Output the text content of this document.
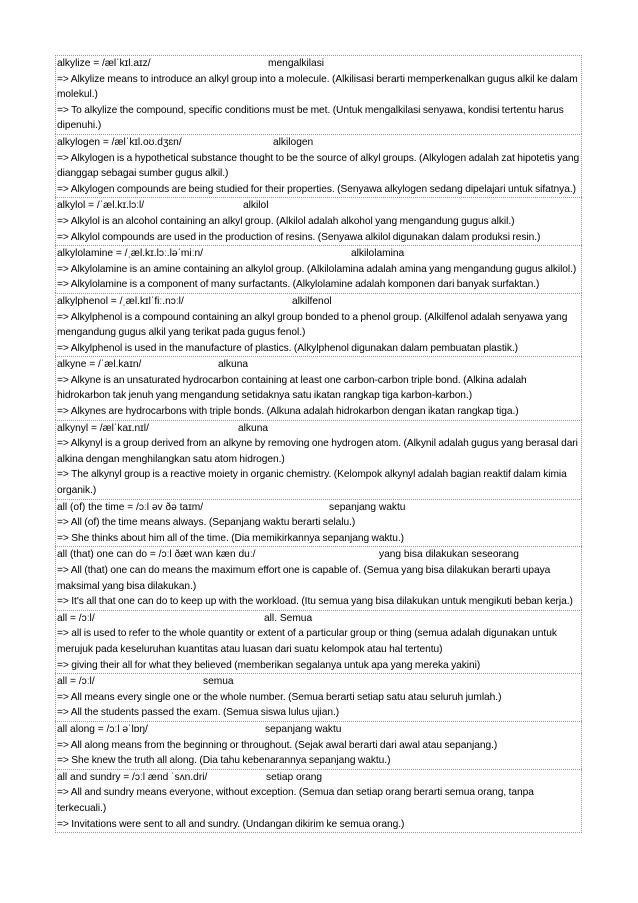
alkylize = /ælˈkɪl.aɪz/	mengalkilasi
=> Alkylize means to introduce an alkyl group into a molecule. (Alkilisasi berarti memperkenalkan gugus alkil ke dalam molekul.)
=> To alkylize the compound, specific conditions must be met. (Untuk mengalkilasi senyawa, kondisi tertentu harus dipenuhi.)
alkylogen = /ælˈkɪl.oʊ.dʒɛn/	alkilogen
=> Alkylogen is a hypothetical substance thought to be the source of alkyl groups. (Alkylogen adalah zat hipotetis yang dianggap sebagai sumber gugus alkil.)
=> Alkylogen compounds are being studied for their properties. (Senyawa alkylogen sedang dipelajari untuk sifatnya.)
alkylol = /ˈæl.kɪ.lɔːl/	alkilol
=> Alkylol is an alcohol containing an alkyl group. (Alkilol adalah alkohol yang mengandung gugus alkil.)
=> Alkylol compounds are used in the production of resins. (Senyawa alkilol digunakan dalam produksi resin.)
alkylolamine = /ˌæl.kɪ.lɔː.ləˈmiːn/	alkilolamina
=> Alkylolamine is an amine containing an alkylol group. (Alkilolamina adalah amina yang mengandung gugus alkilol.)
=> Alkylolamine is a component of many surfactants. (Alkylolamine adalah komponen dari banyak surfaktan.)
alkylphenol = /ˌæl.kɪlˈfiː.nɔːl/	alkilfenol
=> Alkylphenol is a compound containing an alkyl group bonded to a phenol group. (Alkilfenol adalah senyawa yang mengandung gugus alkil yang terikat pada gugus fenol.)
=> Alkylphenol is used in the manufacture of plastics. (Alkylphenol digunakan dalam pembuatan plastik.)
alkyne = /ˈæl.kaɪn/	alkuna
=> Alkyne is an unsaturated hydrocarbon containing at least one carbon-carbon triple bond. (Alkina adalah hidrokarbon tak jenuh yang mengandung setidaknya satu ikatan rangkap tiga karbon-karbon.)
=> Alkynes are hydrocarbons with triple bonds. (Alkuna adalah hidrokarbon dengan ikatan rangkap tiga.)
alkynyl = /ælˈkaɪ.nɪl/	alkuna
=> Alkynyl is a group derived from an alkyne by removing one hydrogen atom. (Alkynil adalah gugus yang berasal dari alkina dengan menghilangkan satu atom hidrogen.)
=> The alkynyl group is a reactive moiety in organic chemistry. (Kelompok alkynyl adalah bagian reaktif dalam kimia organik.)
all (of) the time = /ɔːl əv ðə taɪm/	sepanjang waktu
=> All (of) the time means always. (Sepanjang waktu berarti selalu.)
=> She thinks about him all of the time. (Dia memikirkannya sepanjang waktu.)
all (that) one can do = /ɔːl ðæt wʌn kæn duː/	yang bisa dilakukan seseorang
=> All (that) one can do means the maximum effort one is capable of. (Semua yang bisa dilakukan berarti upaya maksimal yang bisa dilakukan.)
=> It's all that one can do to keep up with the workload. (Itu semua yang bisa dilakukan untuk mengikuti beban kerja.)
all = /ɔːl/	all. Semua
=> all is used to refer to the whole quantity or extent of a particular group or thing (semua adalah digunakan untuk merujuk pada keseluruhan kuantitas atau luasan dari suatu kelompok atau hal tertentu)
=> giving their all for what they believed (memberikan segalanya untuk apa yang mereka yakini)
all = /ɔːl/	semua
=> All means every single one or the whole number. (Semua berarti setiap satu atau seluruh jumlah.)
=> All the students passed the exam. (Semua siswa lulus ujian.)
all along = /ɔːl əˈlɒŋ/	sepanjang waktu
=> All along means from the beginning or throughout. (Sejak awal berarti dari awal atau sepanjang.)
=> She knew the truth all along. (Dia tahu kebenarannya sepanjang waktu.)
all and sundry = /ɔːl ænd ˈsʌn.dri/	setiap orang
=> All and sundry means everyone, without exception. (Semua dan setiap orang berarti semua orang, tanpa terkecuali.)
=> Invitations were sent to all and sundry. (Undangan dikirim ke semua orang.)
